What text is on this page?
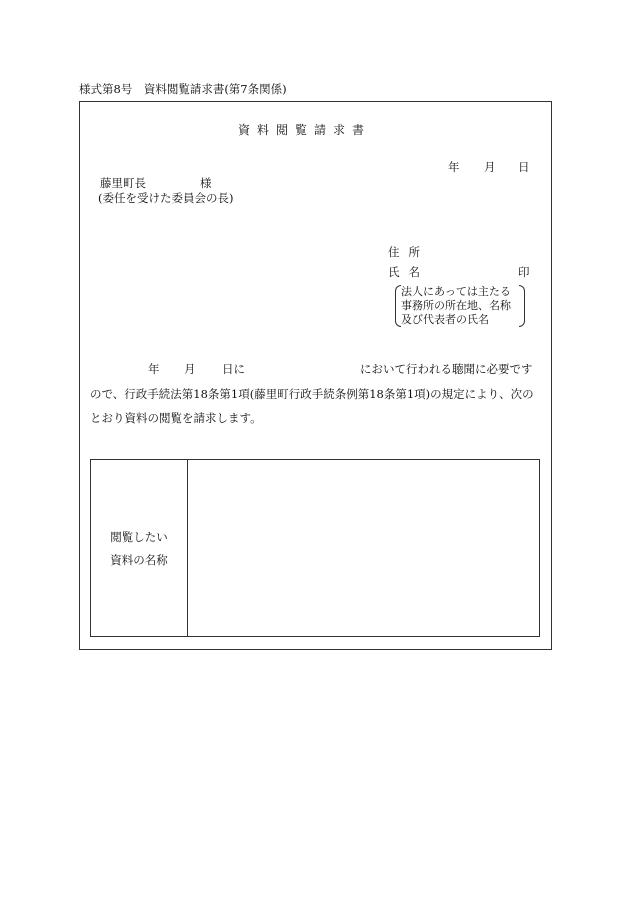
様式第8号　資料閲覧請求書(第7条関係)
資料閲覧請求書
年 月 日
藤里町長	様
(委任を受けた委員会の長)
住所
氏名	印
法人にあっては主たる
事務所の所在地、名称
及び代表者の氏名
年 月 日に	において行われる聴聞に必要です
ので、行政手続法第18条第1項(藤里町行政手続条例第18条第1項)の規定により、次の
とおり資料の閲覧を請求します。
閲覧したい
資料の名称
